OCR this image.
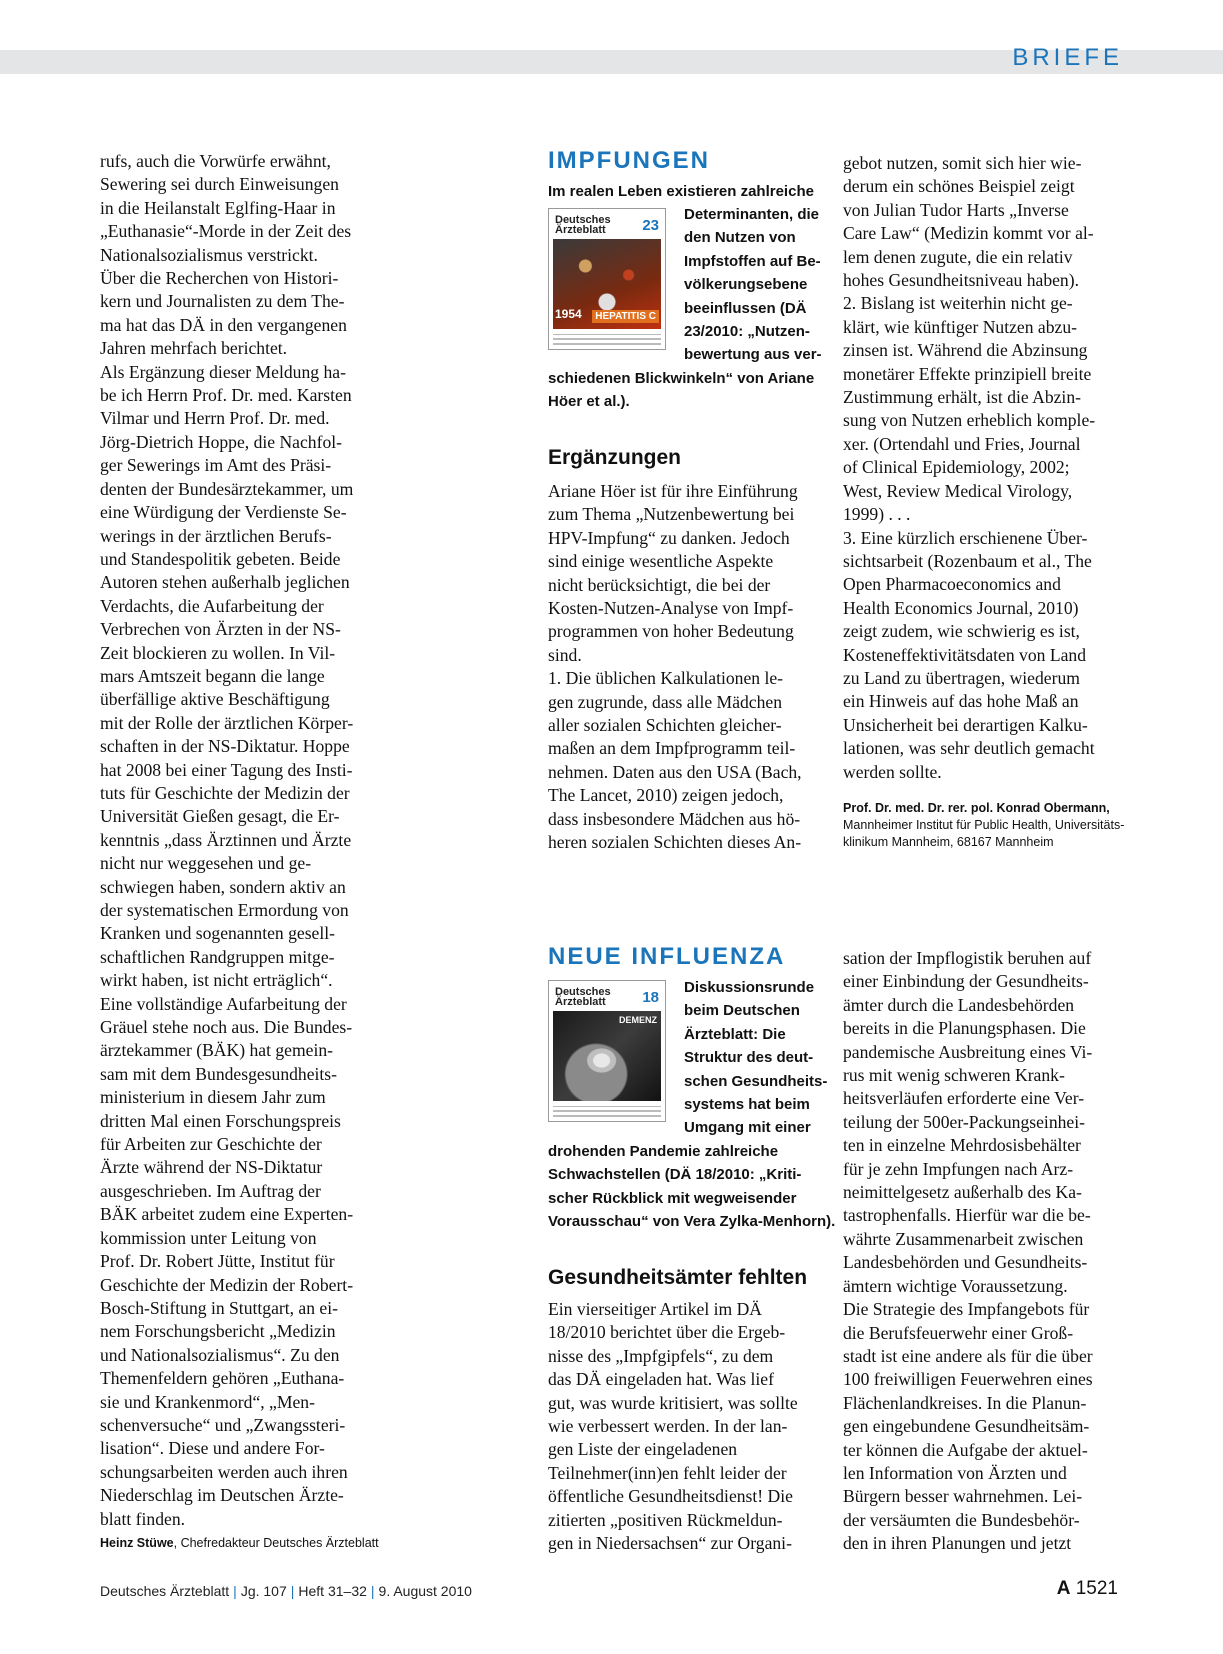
BRIEFE

rufs, auch die Vorwürfe erwähnt,

Sewering sei durch Einweisungen

in die Heilanstalt Eglfing-Haar in

„Euthanasie“-Morde in der Zeit des

Nationalsozialismus verstrickt.

Über die Recherchen von Histori-

kern und Journalisten zu dem The-

ma hat das DÄ in den vergangenen

Jahren mehrfach berichtet.

Als Ergänzung dieser Meldung ha-

be ich Herrn Prof. Dr. med. Karsten

Vilmar und Herrn Prof. Dr. med.

Jörg-Dietrich Hoppe, die Nachfol-

ger Sewerings im Amt des Präsi-

denten der Bundesärztekammer, um

eine Würdigung der Verdienste Se-

werings in der ärztlichen Berufs-

und Standespolitik gebeten. Beide

Autoren stehen außerhalb jeglichen

Verdachts, die Aufarbeitung der

Verbrechen von Ärzten in der NS-

Zeit blockieren zu wollen. In Vil-

mars Amtszeit begann die lange

überfällige aktive Beschäftigung

mit der Rolle der ärztlichen Körper-

schaften in der NS-Diktatur. Hoppe

hat 2008 bei einer Tagung des Insti-

tuts für Geschichte der Medizin der

Universität Gießen gesagt, die Er-

kenntnis „dass Ärztinnen und Ärzte

nicht nur weggesehen und ge-

schwiegen haben, sondern aktiv an

der systematischen Ermordung von

Kranken und sogenannten gesell-

schaftlichen Randgruppen mitge-

wirkt haben, ist nicht erträglich“.

Eine vollständige Aufarbeitung der

Gräuel stehe noch aus. Die Bundes-

ärztekammer (BÄK) hat gemein-

sam mit dem Bundesgesundheits-

ministerium in diesem Jahr zum

dritten Mal einen Forschungspreis

für Arbeiten zur Geschichte der

Ärzte während der NS-Diktatur

ausgeschrieben. Im Auftrag der

BÄK arbeitet zudem eine Experten-

kommission unter Leitung von

Prof. Dr. Robert Jütte, Institut für

Geschichte der Medizin der Robert-

Bosch-Stiftung in Stuttgart, an ei-

nem Forschungsbericht „Medizin

und Nationalsozialismus“. Zu den

Themenfeldern gehören „Euthana-

sie und Krankenmord“, „Men-

schenversuche“ und „Zwangssteri-

lisation“. Diese und andere For-

schungsarbeiten werden auch ihren

Niederschlag im Deutschen Ärzte-

blatt finden.

Heinz Stüwe, Chefredakteur Deutsches Ärzteblatt
IMPFUNGEN

Im realen Leben existieren zahlreiche

Deutsches
Ärzteblatt	23
1954	HEPATITIS C

Determinanten, die

den Nutzen von

Impfstoffen auf Be-

völkerungsebene

beeinflussen (DÄ

23/2010: „Nutzen-

bewertung aus ver-

schiedenen Blickwinkeln“ von Ariane

Höer et al.).

Ergänzungen

Ariane Höer ist für ihre Einführung

zum Thema „Nutzenbewertung bei

HPV-Impfung“ zu danken. Jedoch

sind einige wesentliche Aspekte

nicht berücksichtigt, die bei der

Kosten-Nutzen-Analyse von Impf-

programmen von hoher Bedeutung

sind.

1. Die üblichen Kalkulationen le-

gen zugrunde, dass alle Mädchen

aller sozialen Schichten gleicher-

maßen an dem Impfprogramm teil-

nehmen. Daten aus den USA (Bach,

The Lancet, 2010) zeigen jedoch,

dass insbesondere Mädchen aus hö-

heren sozialen Schichten dieses An-

gebot nutzen, somit sich hier wie-

derum ein schönes Beispiel zeigt

von Julian Tudor Harts „Inverse

Care Law“ (Medizin kommt vor al-

lem denen zugute, die ein relativ

hohes Gesundheitsniveau haben).

2. Bislang ist weiterhin nicht ge-

klärt, wie künftiger Nutzen abzu-

zinsen ist. Während die Abzinsung

monetärer Effekte prinzipiell breite

Zustimmung erhält, ist die Abzin-

sung von Nutzen erheblich komple-

xer. (Ortendahl und Fries, Journal

of Clinical Epidemiology, 2002;

West, Review Medical Virology,

1999) . . .

3. Eine kürzlich erschienene Über-

sichtsarbeit (Rozenbaum et al., The

Open Pharmacoeconomics and

Health Economics Journal, 2010)

zeigt zudem, wie schwierig es ist,

Kosteneffektivitätsdaten von Land

zu Land zu übertragen, wiederum

ein Hinweis auf das hohe Maß an

Unsicherheit bei derartigen Kalku-

lationen, was sehr deutlich gemacht

werden sollte.

Prof. Dr. med. Dr. rer. pol. Konrad Obermann,
Mannheimer Institut für Public Health, Universitäts-
klinikum Mannheim, 68167 Mannheim
NEUE INFLUENZA
Deutsches
Ärzteblatt	18
DEMENZ

Diskussionsrunde

beim Deutschen

Ärzteblatt: Die

Struktur des deut-

schen Gesundheits-

systems hat beim

Umgang mit einer

drohenden Pandemie zahlreiche

Schwachstellen (DÄ 18/2010: „Kriti-

scher Rückblick mit wegweisender

Vorausschau“ von Vera Zylka-Menhorn).

Gesundheitsämter fehlten

Ein vierseitiger Artikel im DÄ

18/2010 berichtet über die Ergeb-

nisse des „Impfgipfels“, zu dem

das DÄ eingeladen hat. Was lief

gut, was wurde kritisiert, was sollte

wie verbessert werden. In der lan-

gen Liste der eingeladenen

Teilnehmer(inn)en fehlt leider der

öffentliche Gesundheitsdienst! Die

zitierten „positiven Rückmeldun-

gen in Niedersachsen“ zur Organi-

sation der Impflogistik beruhen auf

einer Einbindung der Gesundheits-

ämter durch die Landesbehörden

bereits in die Planungsphasen. Die

pandemische Ausbreitung eines Vi-

rus mit wenig schweren Krank-

heitsverläufen erforderte eine Ver-

teilung der 500er-Packungseinhei-

ten in einzelne Mehrdosisbehälter

für je zehn Impfungen nach Arz-

neimittelgesetz außerhalb des Ka-

tastrophenfalls. Hierfür war die be-

währte Zusammenarbeit zwischen

Landesbehörden und Gesundheits-

ämtern wichtige Voraussetzung.

Die Strategie des Impfangebots für

die Berufsfeuerwehr einer Groß-

stadt ist eine andere als für die über

100 freiwilligen Feuerwehren eines

Flächenlandkreises. In die Planun-

gen eingebundene Gesundheitsäm-

ter können die Aufgabe der aktuel-

len Information von Ärzten und

Bürgern besser wahrnehmen. Lei-

der versäumten die Bundesbehör-

den in ihren Planungen und jetzt

Deutsches Ärzteblatt | Jg. 107 | Heft 31–32 | 9. August 2010	A 1521
